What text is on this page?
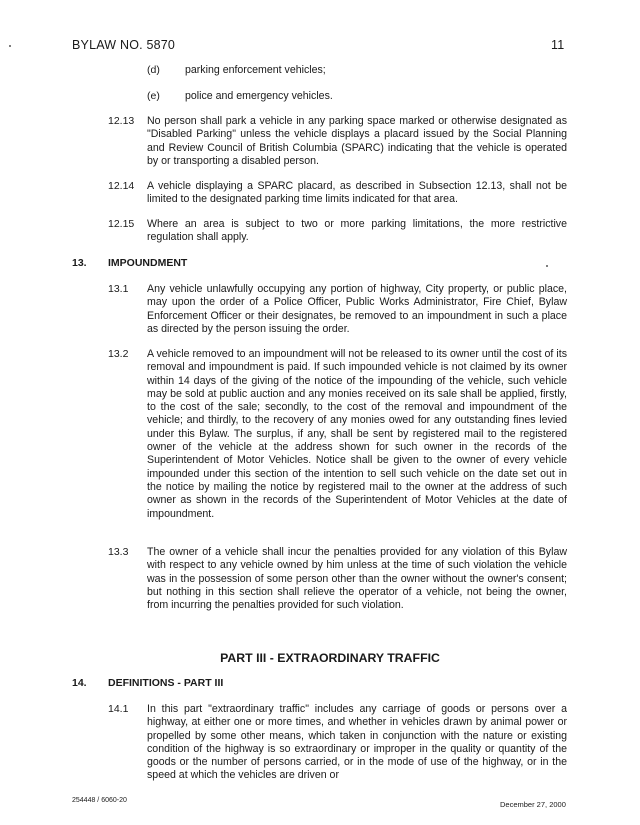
BYLAW NO. 5870	11
(d) parking enforcement vehicles;
(e) police and emergency vehicles.
12.13 No person shall park a vehicle in any parking space marked or otherwise designated as "Disabled Parking" unless the vehicle displays a placard issued by the Social Planning and Review Council of British Columbia (SPARC) indicating that the vehicle is operated by or transporting a disabled person.
12.14 A vehicle displaying a SPARC placard, as described in Subsection 12.13, shall not be limited to the designated parking time limits indicated for that area.
12.15 Where an area is subject to two or more parking limitations, the more restrictive regulation shall apply.
13. IMPOUNDMENT
13.1 Any vehicle unlawfully occupying any portion of highway, City property, or public place, may upon the order of a Police Officer, Public Works Administrator, Fire Chief, Bylaw Enforcement Officer or their designates, be removed to an impoundment in such a place as directed by the person issuing the order.
13.2 A vehicle removed to an impoundment will not be released to its owner until the cost of its removal and impoundment is paid. If such impounded vehicle is not claimed by its owner within 14 days of the giving of the notice of the impounding of the vehicle, such vehicle may be sold at public auction and any monies received on its sale shall be applied, firstly, to the cost of the sale; secondly, to the cost of the removal and impoundment of the vehicle; and thirdly, to the recovery of any monies owed for any outstanding fines levied under this Bylaw. The surplus, if any, shall be sent by registered mail to the registered owner of the vehicle at the address shown for such owner in the records of the Superintendent of Motor Vehicles. Notice shall be given to the owner of every vehicle impounded under this section of the intention to sell such vehicle on the date set out in the notice by mailing the notice by registered mail to the owner at the address of such owner as shown in the records of the Superintendent of Motor Vehicles at the date of impoundment.
13.3 The owner of a vehicle shall incur the penalties provided for any violation of this Bylaw with respect to any vehicle owned by him unless at the time of such violation the vehicle was in the possession of some person other than the owner without the owner's consent; but nothing in this section shall relieve the operator of a vehicle, not being the owner, from incurring the penalties provided for such violation.
PART III - EXTRAORDINARY TRAFFIC
14. DEFINITIONS - PART III
14.1 In this part "extraordinary traffic" includes any carriage of goods or persons over a highway, at either one or more times, and whether in vehicles drawn by animal power or propelled by some other means, which taken in conjunction with the nature or existing condition of the highway is so extraordinary or improper in the quality or quantity of the goods or the number of persons carried, or in the mode of use of the highway, or in the speed at which the vehicles are driven or
254448 / 6060-20	December 27, 2000
